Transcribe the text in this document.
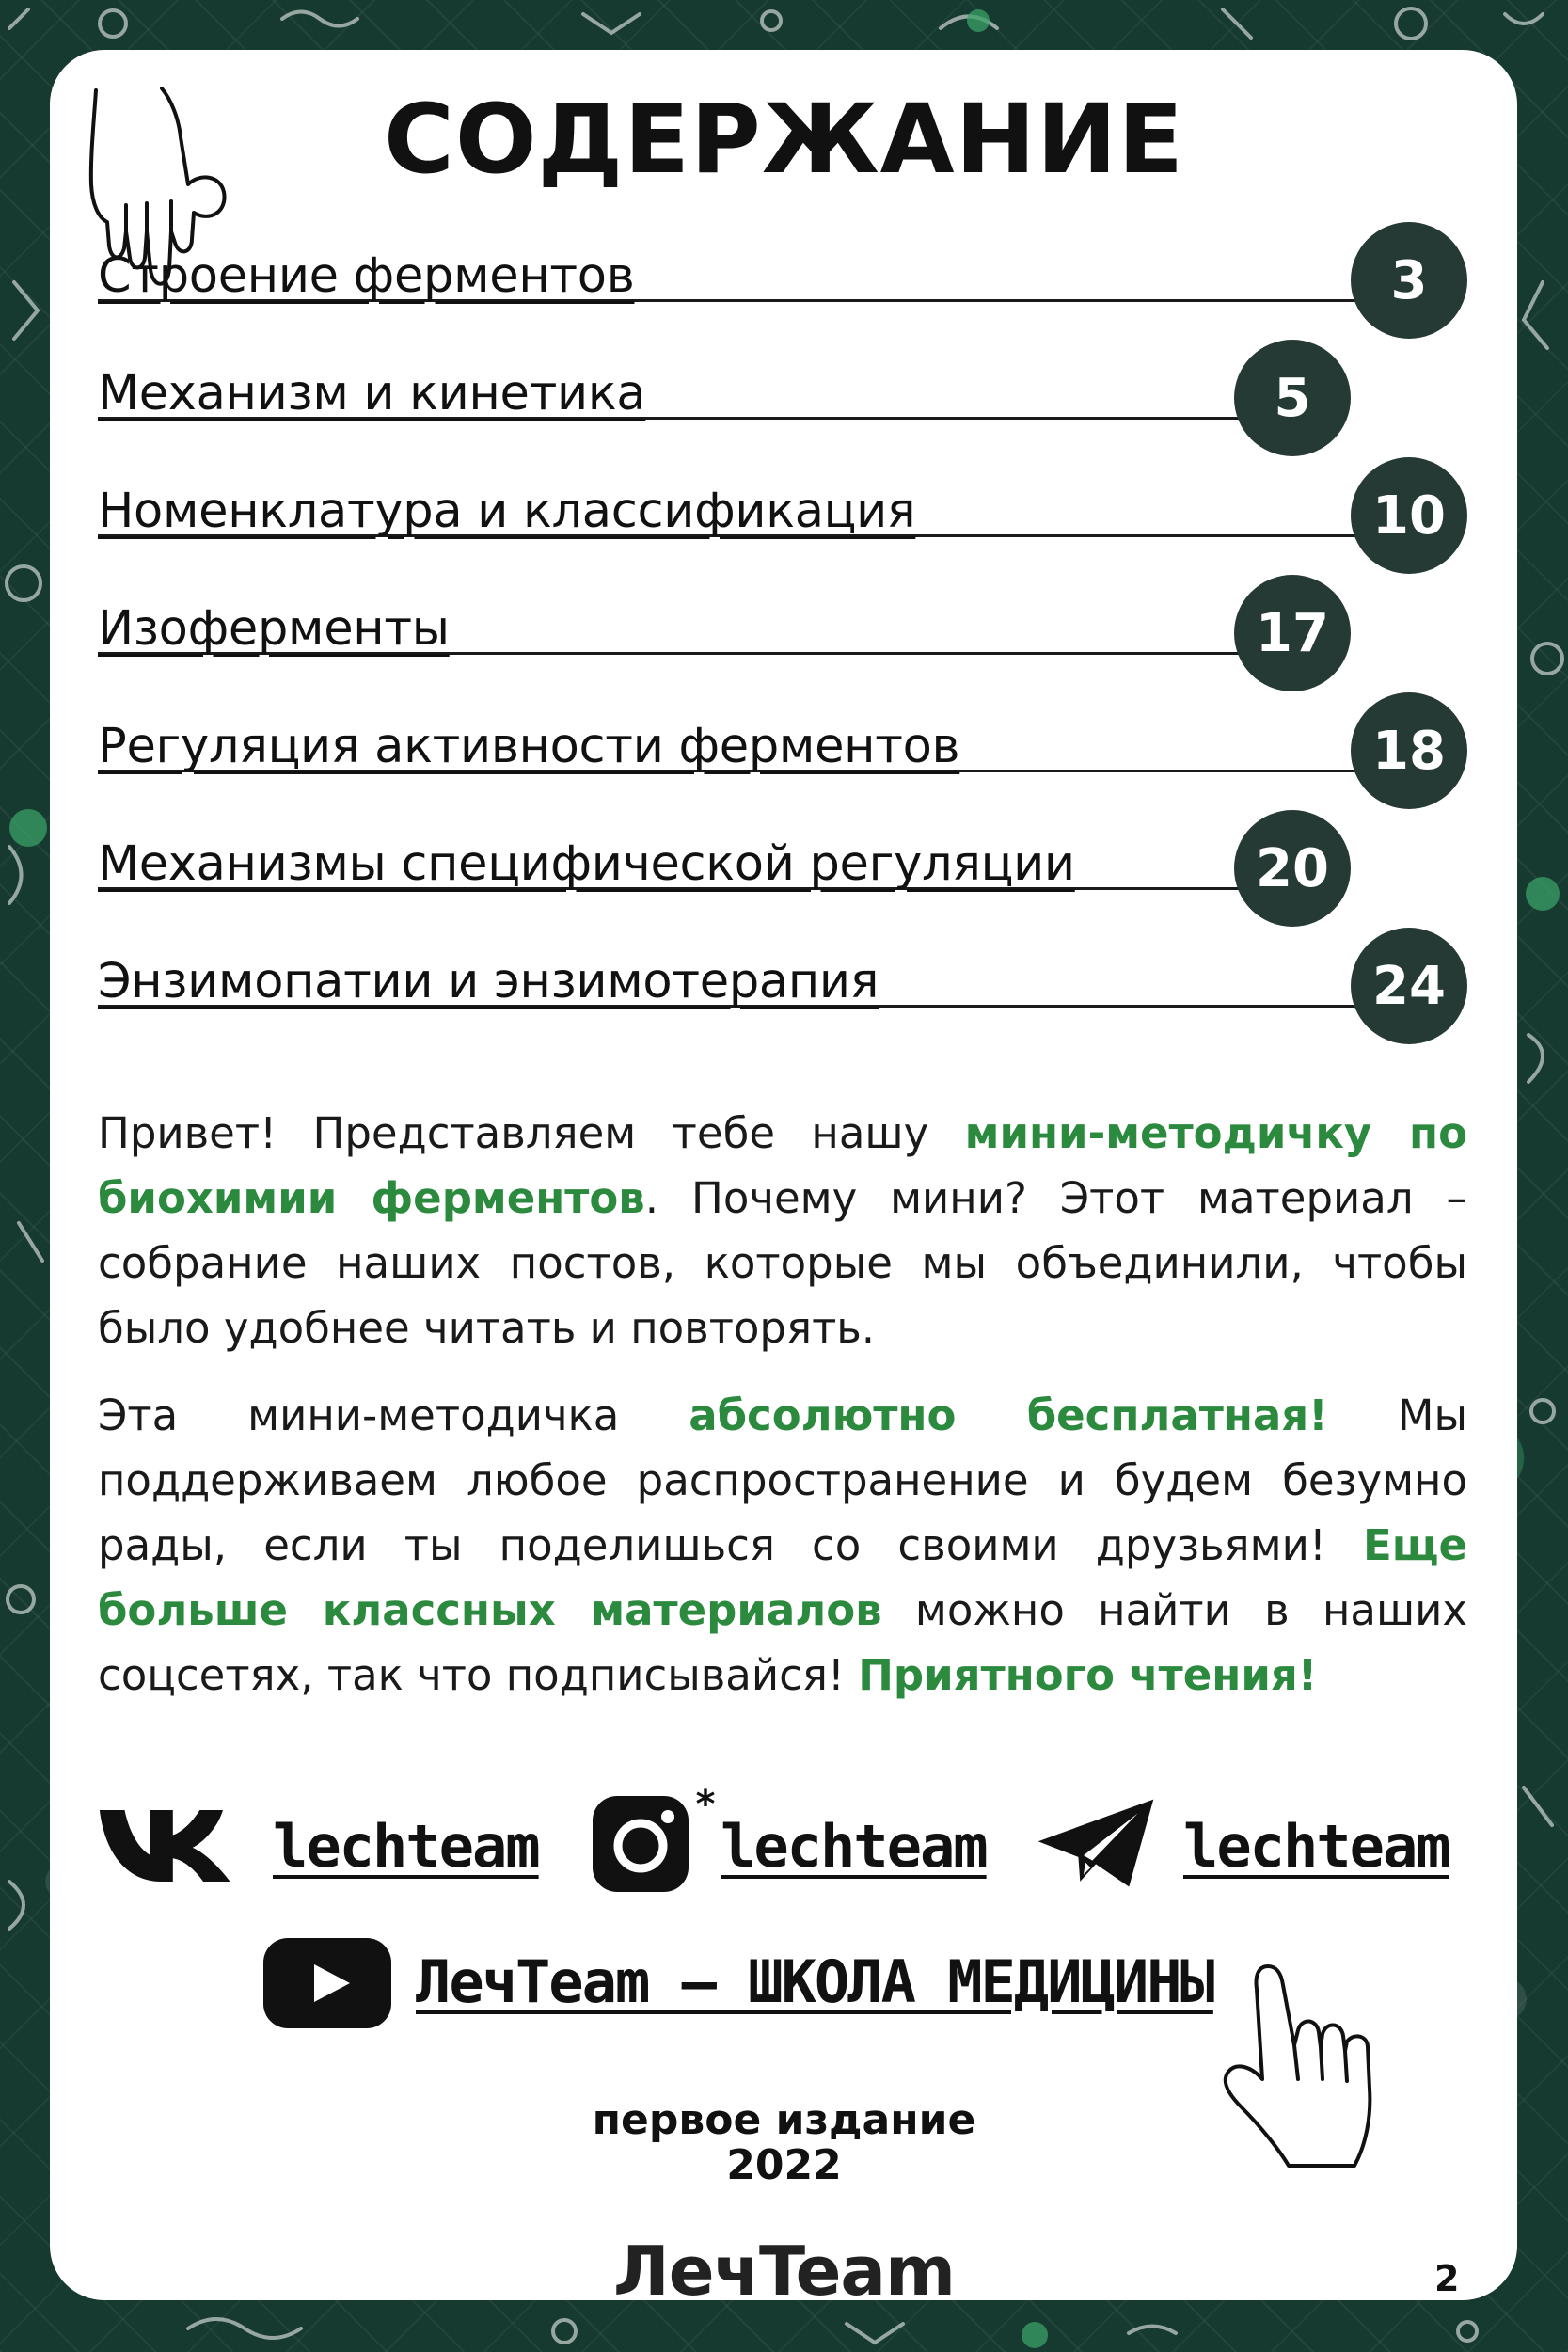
СОДЕРЖАНИЕ
Строение ферментов	3
Механизм и кинетика	5
Номенклатура и классификация	10
Изоферменты	17
Регуляция активности ферментов	18
Механизмы специфической регуляции	20
Энзимопатии и энзимотерапия	24

Привет! Представляем тебе нашу мини-методичку по биохимии ферментов. Почему мини? Этот материал – собрание наших постов, которые мы объединили, чтобы было удобнее читать и повторять.

Эта мини-методичка абсолютно бесплатная! Мы поддерживаем любое распространение и будем безумно рады, если ты поделишься со своими друзьями! Еще больше классных материалов можно найти в наших соцсетях, так что подписывайся! Приятного чтения!

lechteam
*
lechteam	lechteam
ЛечTeam – ШКОЛА МЕДИЦИНЫ
первое издание
2022
ЛечTeam	2
